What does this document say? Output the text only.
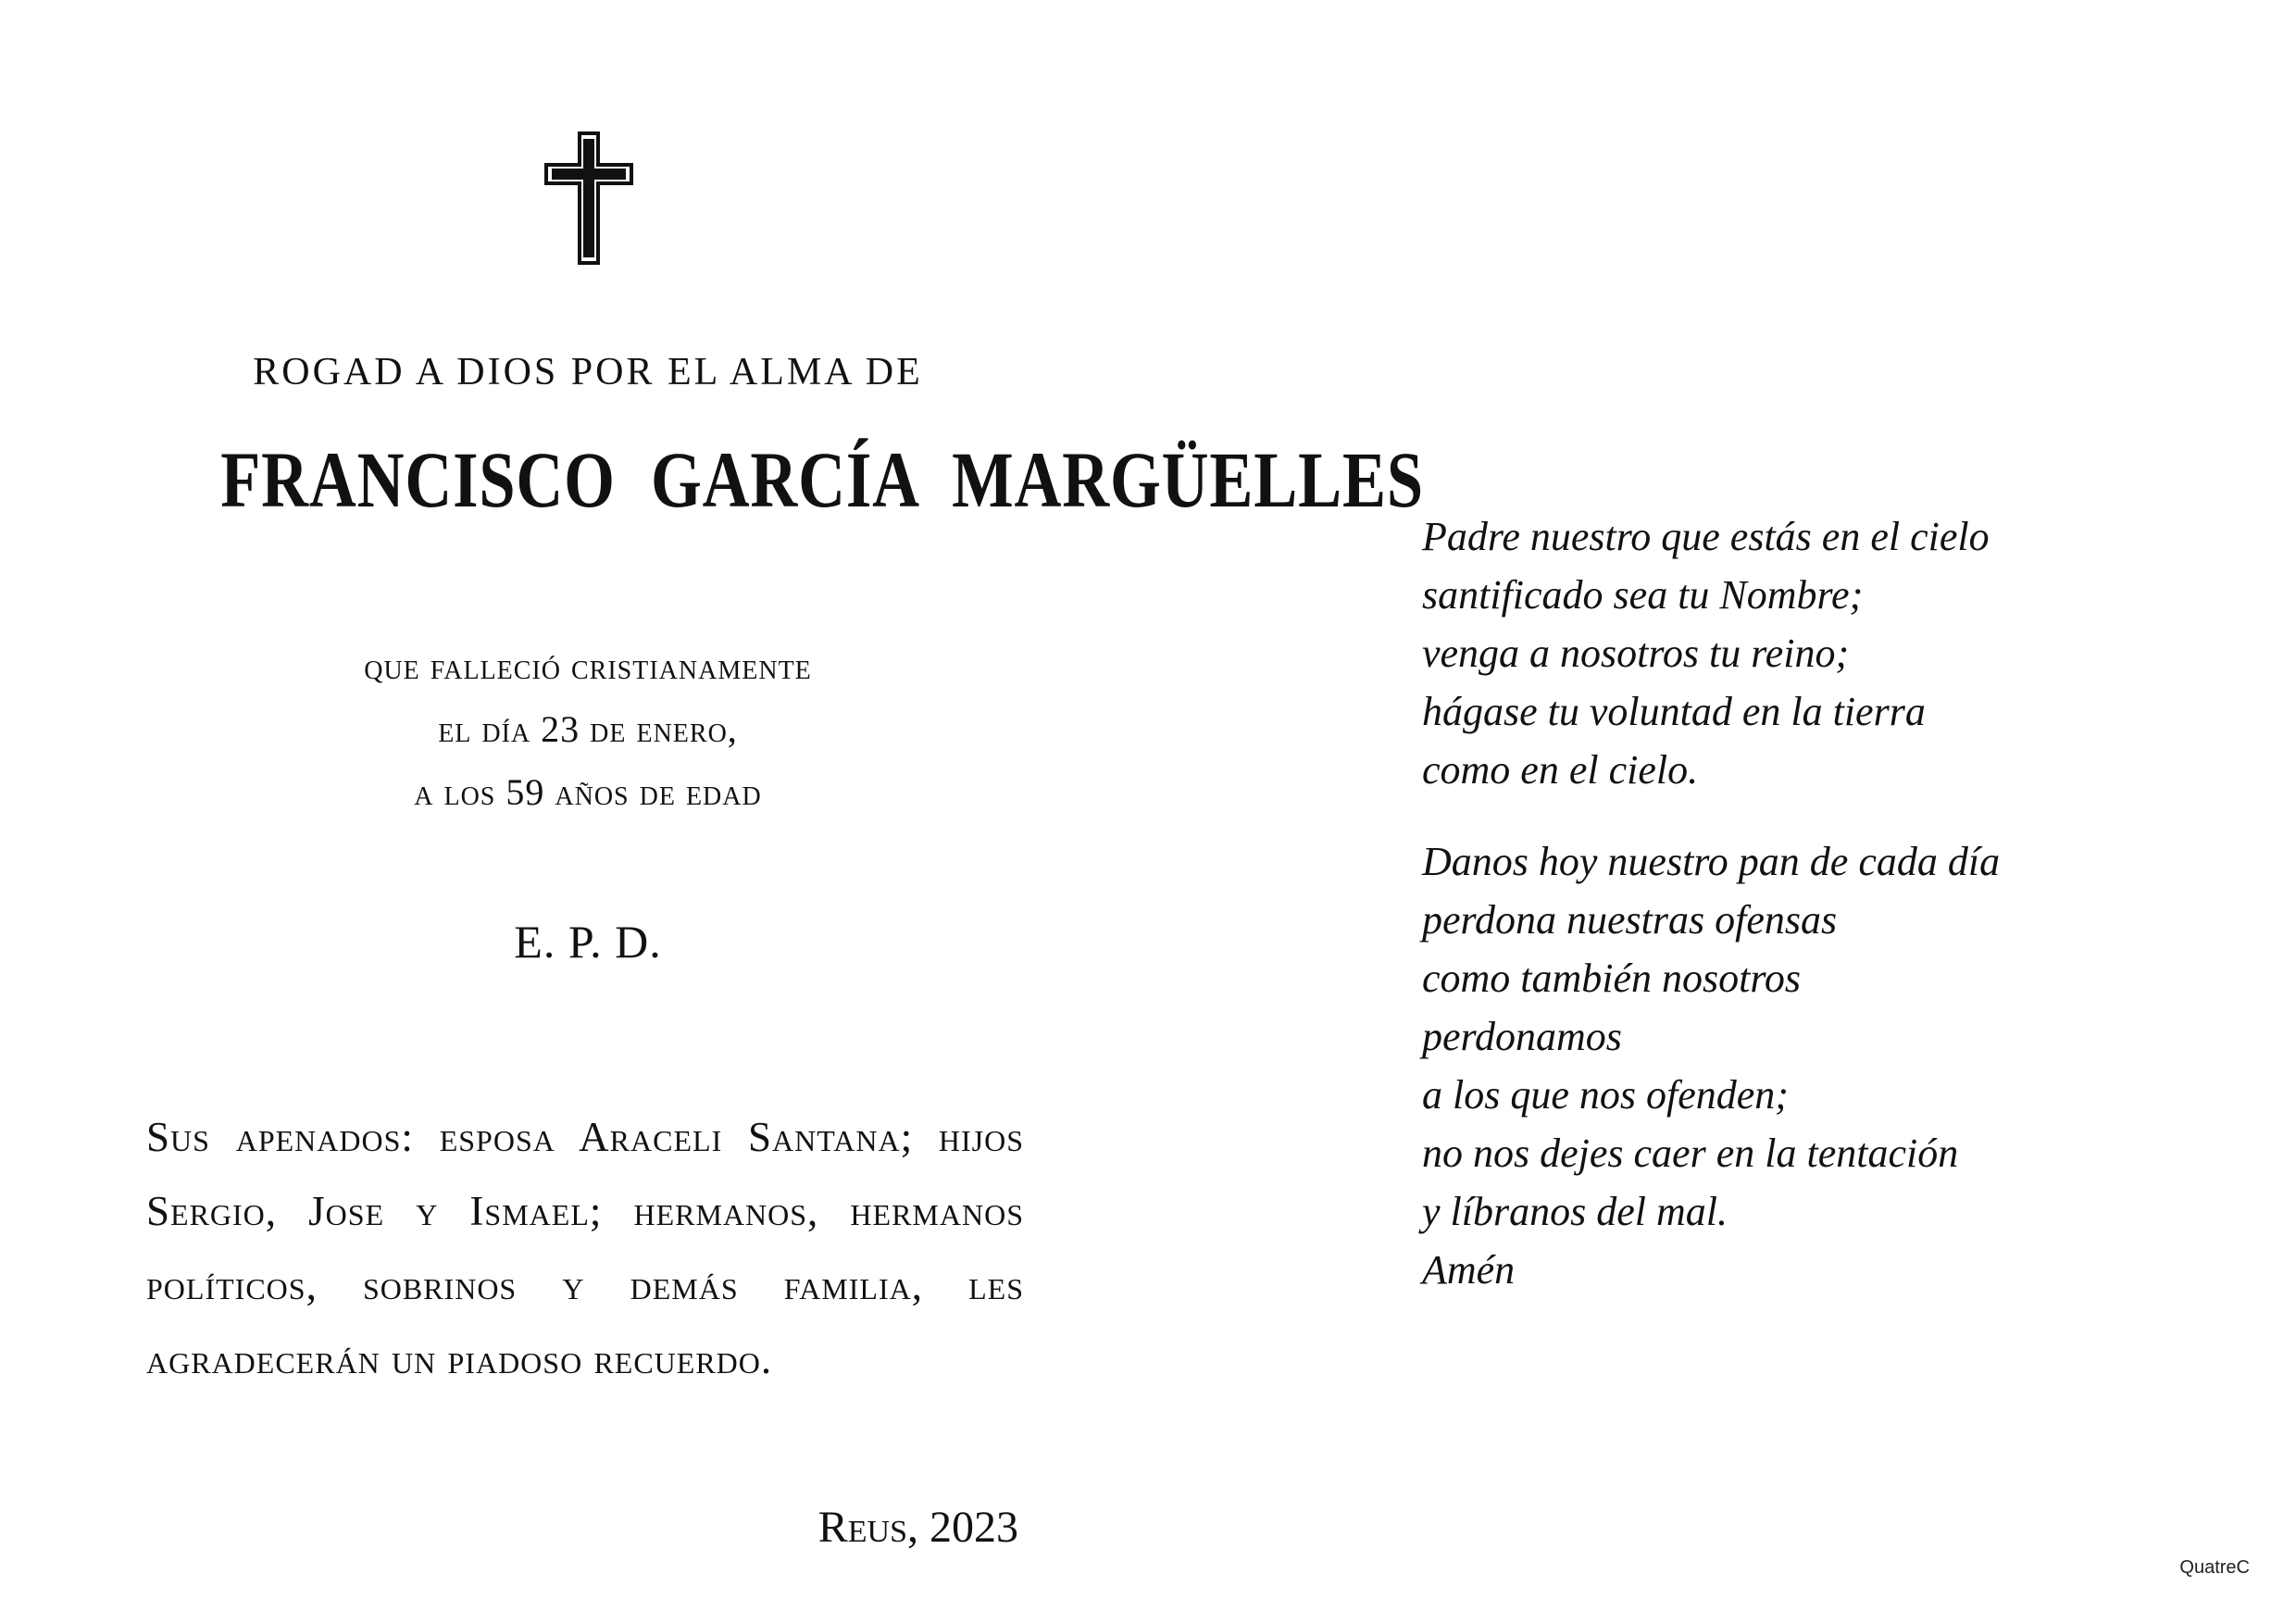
ROGAD A DIOS POR EL ALMA DE
FRANCISCO GARCÍA MARGÜELLES
que falleció cristianamente
el día 23 de enero,
a los 59 años de edad
E. P. D.
Sus apenados: esposa Araceli Santana; hijos Sergio, Jose y Ismael; hermanos, hermanos políticos, sobrinos y demás familia, les agradecerán un piadoso recuerdo.
Reus, 2023
Padre nuestro que estás en el cielo
santificado sea tu Nombre;
venga a nosotros tu reino;
hágase tu voluntad en la tierra
como en el cielo.
Danos hoy nuestro pan de cada día
perdona nuestras ofensas
como también nosotros
perdonamos
a los que nos ofenden;
no nos dejes caer en la tentación
y líbranos del mal.
Amén
QuatreC
